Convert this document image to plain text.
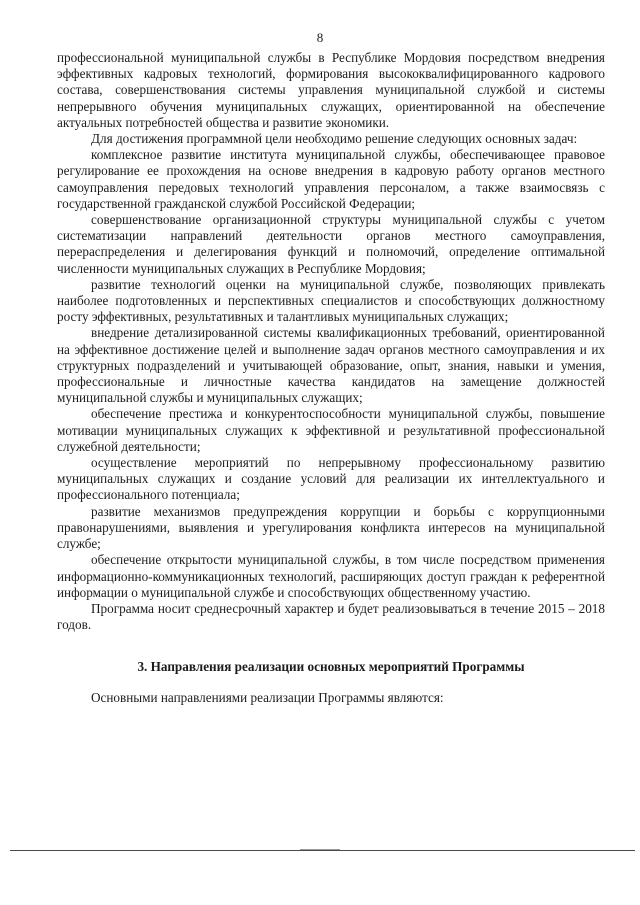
8

профессиональной муниципальной службы в Республике Мордовия посредством внедрения эффективных кадровых технологий, формирования высококвалифицированного кадрового состава, совершенствования системы управления муниципальной службой и системы непрерывного обучения муниципальных служащих, ориентированной на обеспечение актуальных потребностей общества и развитие экономики.

Для достижения программной цели необходимо решение следующих основных задач:

комплексное развитие института муниципальной службы, обеспечивающее правовое регулирование ее прохождения на основе внедрения в кадровую работу органов местного самоуправления передовых технологий управления персоналом, а также взаимосвязь с государственной гражданской службой Российской Федерации;

совершенствование организационной структуры муниципальной службы с учетом систематизации направлений деятельности органов местного самоуправления, перераспределения и делегирования функций и полномочий, определение оптимальной численности муниципальных служащих в Республике Мордовия;

развитие технологий оценки на муниципальной службе, позволяющих привлекать наиболее подготовленных и перспективных специалистов и способствующих должностному росту эффективных, результативных и талантливых муниципальных служащих;

внедрение детализированной системы квалификационных требований, ориентированной на эффективное достижение целей и выполнение задач органов местного самоуправления и их структурных подразделений и учитывающей образование, опыт, знания, навыки и умения, профессиональные и личностные качества кандидатов на замещение должностей муниципальной службы и муниципальных служащих;

обеспечение престижа и конкурентоспособности муниципальной службы, повышение мотивации муниципальных служащих к эффективной и результативной профессиональной служебной деятельности;

осуществление мероприятий по непрерывному профессиональному развитию муниципальных служащих и создание условий для реализации их интеллектуального и профессионального потенциала;

развитие механизмов предупреждения коррупции и борьбы с коррупционными правонарушениями, выявления и урегулирования конфликта интересов на муниципальной службе;

обеспечение открытости муниципальной службы, в том числе посредством применения информационно-коммуникационных технологий, расширяющих доступ граждан к референтной информации о муниципальной службе и способствующих общественному участию.

Программа носит среднесрочный характер и будет реализовываться в течение 2015 – 2018 годов.

3. Направления реализации основных мероприятий Программы

Основными направлениями реализации Программы являются:
